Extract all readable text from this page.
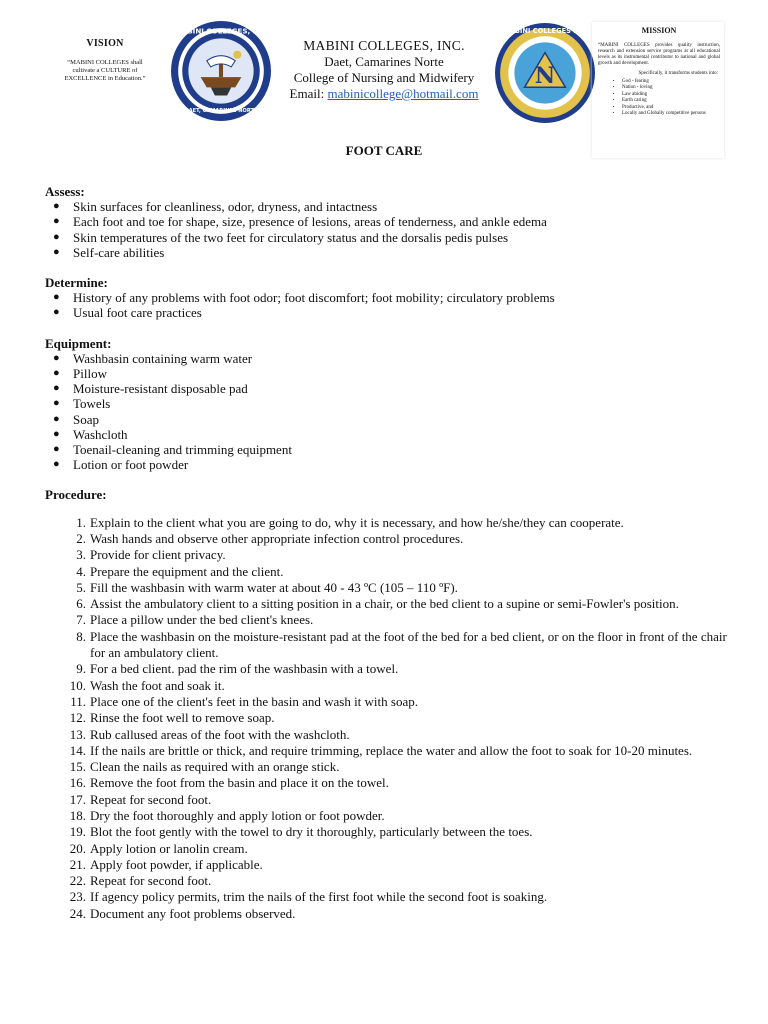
VISION
“MABINI COLLEGES shall cultivate a CULTURE of EXCELLENCE in Education.”
DAET, CAMARINES NORTE
MABINI COLLEGES, Inc.
MABINI COLLEGES, INC.
Daet, Camarines Norte
College of Nursing and Midwifery
Email: mabinicollege@hotmail.com
N
MABINI COLLEGES Inc.	MISSION
“MABINI COLLEGES provides quality instruction, research and extension service programs at all educational levels as its instrumental contributor to national and global growth and development.
Specifically, it transforms students into:
• God - fearing
• Nation - loving
• Law abiding
• Earth caring
• Productive, and
• Locally and Globally competitive persons
FOOT CARE

Assess:

● Skin surfaces for cleanliness, odor, dryness, and intactness
● Each foot and toe for shape, size, presence of lesions, areas of tenderness, and ankle edema
● Skin temperatures of the two feet for circulatory status and the dorsalis pedis pulses
● Self-care abilities

Determine:

● History of any problems with foot odor; foot discomfort; foot mobility; circulatory problems
● Usual foot care practices

Equipment:

● Washbasin containing warm water
● Pillow
● Moisture-resistant disposable pad
● Towels
● Soap
● Washcloth
● Toenail-cleaning and trimming equipment
● Lotion or foot powder

Procedure:

1. Explain to the client what you are going to do, why it is necessary, and how he/she/they can cooperate.
2. Wash hands and observe other appropriate infection control procedures.
3. Provide for client privacy.
4. Prepare the equipment and the client.
5. Fill the washbasin with warm water at about 40 - 43 ºC (105 – 110 ºF).
6. Assist the ambulatory client to a sitting position in a chair, or the bed client to a supine or semi-Fowler's position.
7. Place a pillow under the bed client's knees.
8. Place the washbasin on the moisture-resistant pad at the foot of the bed for a bed client, or on the floor in front of the chair for an ambulatory client.
9. For a bed client. pad the rim of the washbasin with a towel.
10. Wash the foot and soak it.
11. Place one of the client's feet in the basin and wash it with soap.
12. Rinse the foot well to remove soap.
13. Rub callused areas of the foot with the washcloth.
14. If the nails are brittle or thick, and require trimming, replace the water and allow the foot to soak for 10-20 minutes.
15. Clean the nails as required with an orange stick.
16. Remove the foot from the basin and place it on the towel.
17. Repeat for second foot.
18. Dry the foot thoroughly and apply lotion or foot powder.
19. Blot the foot gently with the towel to dry it thoroughly, particularly between the toes.
20. Apply lotion or lanolin cream.
21. Apply foot powder, if applicable.
22. Repeat for second foot.
23. If agency policy permits, trim the nails of the first foot while the second foot is soaking.
24. Document any foot problems observed.
